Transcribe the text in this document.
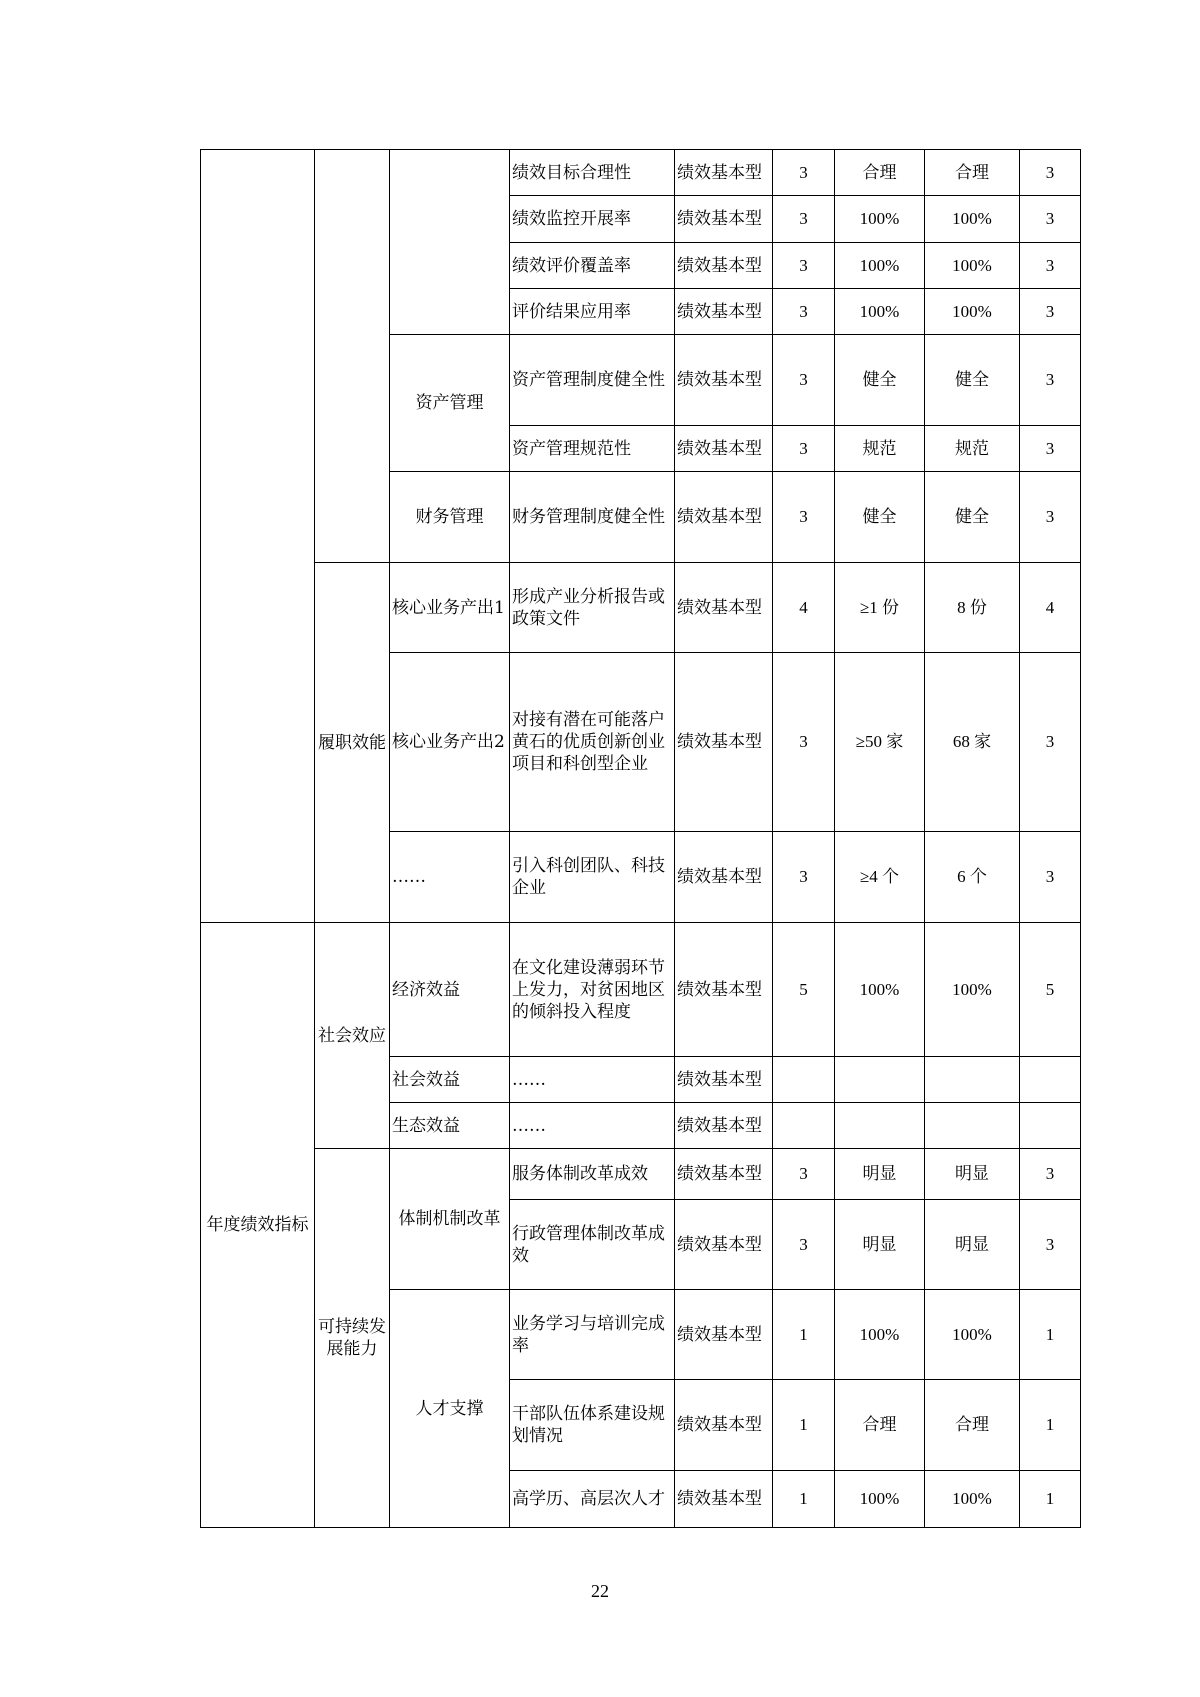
			绩效目标合理性	绩效基本型	3	合理	合理	3
			绩效监控开展率	绩效基本型	3	100%	100%	3
			绩效评价覆盖率	绩效基本型	3	100%	100%	3
			评价结果应用率	绩效基本型	3	100%	100%	3
		资产管理	资产管理制度健全性	绩效基本型	3	健全	健全	3
			资产管理规范性	绩效基本型	3	规范	规范	3
		财务管理	财务管理制度健全性	绩效基本型	3	健全	健全	3
	履职效能	核心业务产出1	形成产业分析报告或政策文件	绩效基本型	4	≥1 份	8 份	4
		核心业务产出2	对接有潜在可能落户黄石的优质创新创业项目和科创型企业	绩效基本型	3	≥50 家	68 家	3
		……	引入科创团队、科技企业	绩效基本型	3	≥4 个	6 个	3
年度绩效指标	社会效应	经济效益	在文化建设薄弱环节上发力，对贫困地区的倾斜投入程度	绩效基本型	5	100%	100%	5
		社会效益	……	绩效基本型				
		生态效益	……	绩效基本型				
	可持续发展能力	体制机制改革	服务体制改革成效	绩效基本型	3	明显	明显	3
			行政管理体制改革成效	绩效基本型	3	明显	明显	3
		人才支撑	业务学习与培训完成率	绩效基本型	1	100%	100%	1
			干部队伍体系建设规划情况	绩效基本型	1	合理	合理	1
			高学历、高层次人才	绩效基本型	1	100%	100%	1
22
